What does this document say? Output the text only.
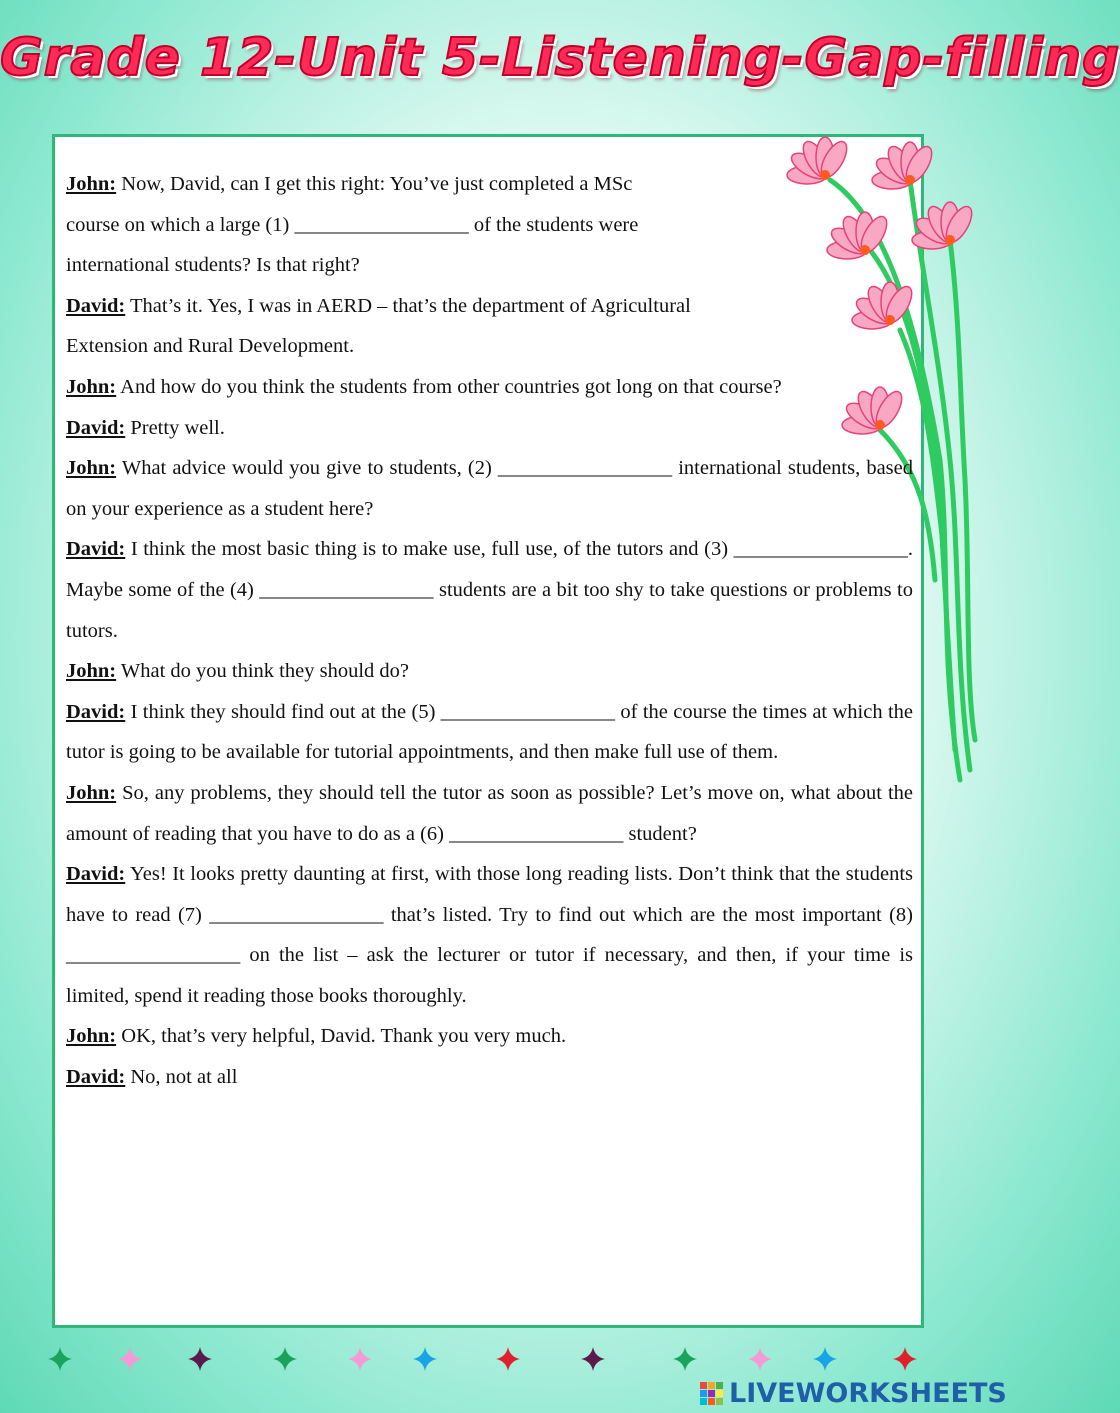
Grade 12-Unit 5-Listening-Gap-filling

John: Now, David, can I get this right: You’ve just completed a MSc

course on which a large (1) _________________ of the students were

international students? Is that right?

David: That’s it. Yes, I was in AERD – that’s the department of Agricultural

Extension and Rural Development.

John: And how do you think the students from other countries got long on that course?

David: Pretty well.

John: What advice would you give to students, (2) _________________ international students, based on your experience as a student here?

David: I think the most basic thing is to make use, full use, of the tutors and (3) _________________. Maybe some of the (4) _________________ students are a bit too shy to take questions or problems to tutors.

John: What do you think they should do?

David: I think they should find out at the (5) _________________ of the course the times at which the tutor is going to be available for tutorial appointments, and then make full use of them.

John: So, any problems, they should tell the tutor as soon as possible? Let’s move on, what about the amount of reading that you have to do as a (6) _________________ student?

David: Yes! It looks pretty daunting at first, with those long reading lists. Don’t think that the students have to read (7) _________________ that’s listed. Try to find out which are the most important (8) _________________ on the list – ask the lecturer or tutor if necessary, and then, if your time is limited, spend it reading those books thoroughly.

John: OK, that’s very helpful, David. Thank you very much.

David: No, not at all

LIVEWORKSHEETS
